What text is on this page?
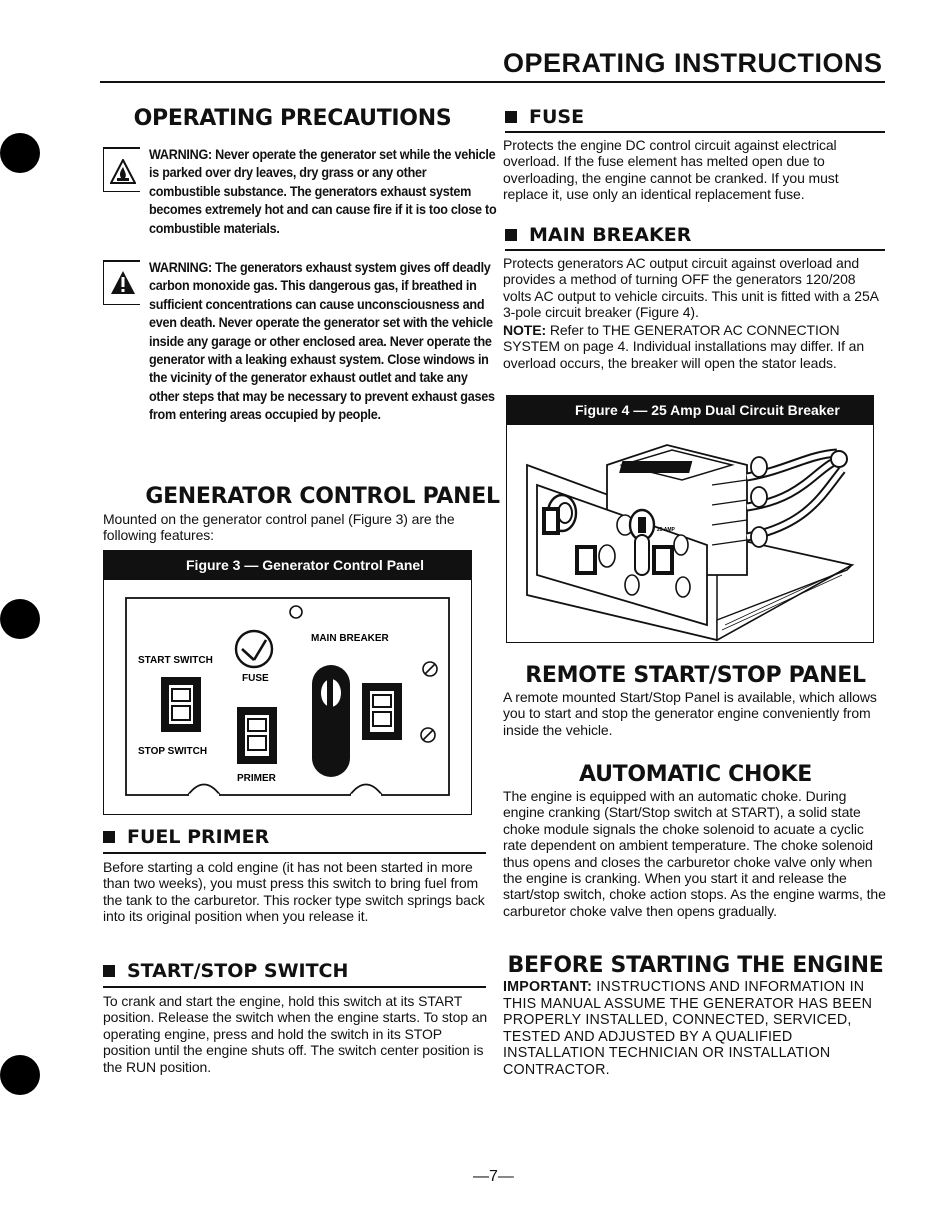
OPERATING INSTRUCTIONS
OPERATING PRECAUTIONS
WARNING: Never operate the generator set while the vehicle is parked over dry leaves, dry grass or any other combustible substance. The generators exhaust system becomes extremely hot and can cause fire if it is too close to combustible materials.
WARNING: The generators exhaust system gives off deadly carbon monoxide gas. This dangerous gas, if breathed in sufficient concentrations can cause unconsciousness and even death. Never operate the generator set with the vehicle inside any garage or other enclosed area. Never operate the generator with a leaking exhaust system. Close windows in the vicinity of the generator exhaust outlet and take any other steps that may be necessary to prevent exhaust gases from entering areas occupied by people.
GENERATOR CONTROL PANEL

Mounted on the generator control panel (Figure 3) are the following features:

Figure 3 — Generator Control Panel
MAIN BREAKER
START SWITCH
FUSE
STOP SWITCH
PRIMER
FUEL PRIMER

Before starting a cold engine (it has not been started in more than two weeks), you must press this switch to bring fuel from the tank to the carburetor. This rocker type switch springs back into its original position when you release it.

START/STOP SWITCH

To crank and start the engine, hold this switch at its START position. Release the switch when the engine starts. To stop an operating engine, press and hold the switch in its STOP position until the engine shuts off. The switch center position is the RUN position.

FUSE

Protects the engine DC control circuit against electrical overload. If the fuse element has melted open due to overloading, the engine cannot be cranked. If you must replace it, use only an identical replacement fuse.

MAIN BREAKER

Protects generators AC output circuit against overload and provides a method of turning OFF the generators 120/208 volts AC output to vehicle circuits. This unit is fitted with a 25A 3-pole circuit breaker (Figure 4).

NOTE: Refer to THE GENERATOR AC CONNECTION SYSTEM on page 4. Individual installations may differ. If an overload occurs, the breaker will open the stator leads.

Figure 4 — 25 Amp Dual Circuit Breaker
25 AMP
REMOTE START/STOP PANEL

A remote mounted Start/Stop Panel is available, which allows you to start and stop the generator engine conveniently from inside the vehicle.

AUTOMATIC CHOKE

The engine is equipped with an automatic choke. During engine cranking (Start/Stop switch at START), a solid state choke module signals the choke solenoid to acuate a cyclic rate dependent on ambient temperature. The choke solenoid thus opens and closes the carburetor choke valve only when the engine is cranking. When you start it and release the start/stop switch, choke action stops. As the engine warms, the carburetor choke valve then opens gradually.

BEFORE STARTING THE ENGINE

IMPORTANT: INSTRUCTIONS AND INFORMATION IN THIS MANUAL ASSUME THE GENERATOR HAS BEEN PROPERLY INSTALLED, CONNECTED, SERVICED, TESTED AND ADJUSTED BY A QUALIFIED INSTALLATION TECHNICIAN OR INSTALLATION CONTRACTOR.

—7—
